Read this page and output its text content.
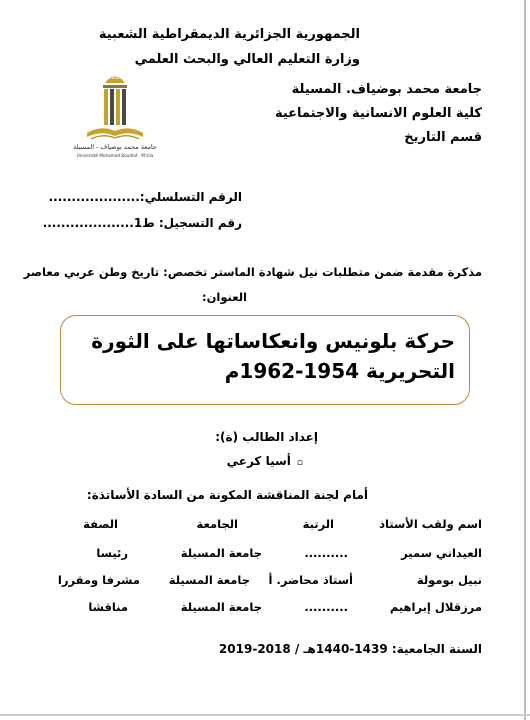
الجمهورية الجزائرية الديمقراطية الشعبية
وزارة التعليم العالي والبحث العلمي
جامعة محمد بوضياف. المسيلة
كلية العلوم الانسانية والاجتماعية
قسم التاريخ
1985
جامعة محمد بوضياف - المسيلة
Université Mohamed Boudiaf - M'sila
الرقم التسلسلي:....................
رقم التسجيل: ط1....................
مذكرة مقدمة ضمن متطلبات نيل شهادة الماستر تخصص: تاريخ وطن عربي معاصر
العنوان:
حركة بلونيس وانعكاساتها على الثورة التحريرية 1954-1962م
إعداد الطالب (ة):
▫أسيا كرعي
أمام لجنة المناقشة المكونة من السادة الأساتذة:
اسم ولقب الأستاذ
الرتبة
الجامعة
الصفة
العيداني سمير
..........
جامعة المسيلة
رئيسا
نبيل بومولة
أستاذ محاضر. أ
جامعة المسيلة
مشرفا ومقررا
مرزقلال إبراهيم
..........
جامعة المسيلة
مناقشا
السنة الجامعية: 1439-1440هـ / 2018-2019
